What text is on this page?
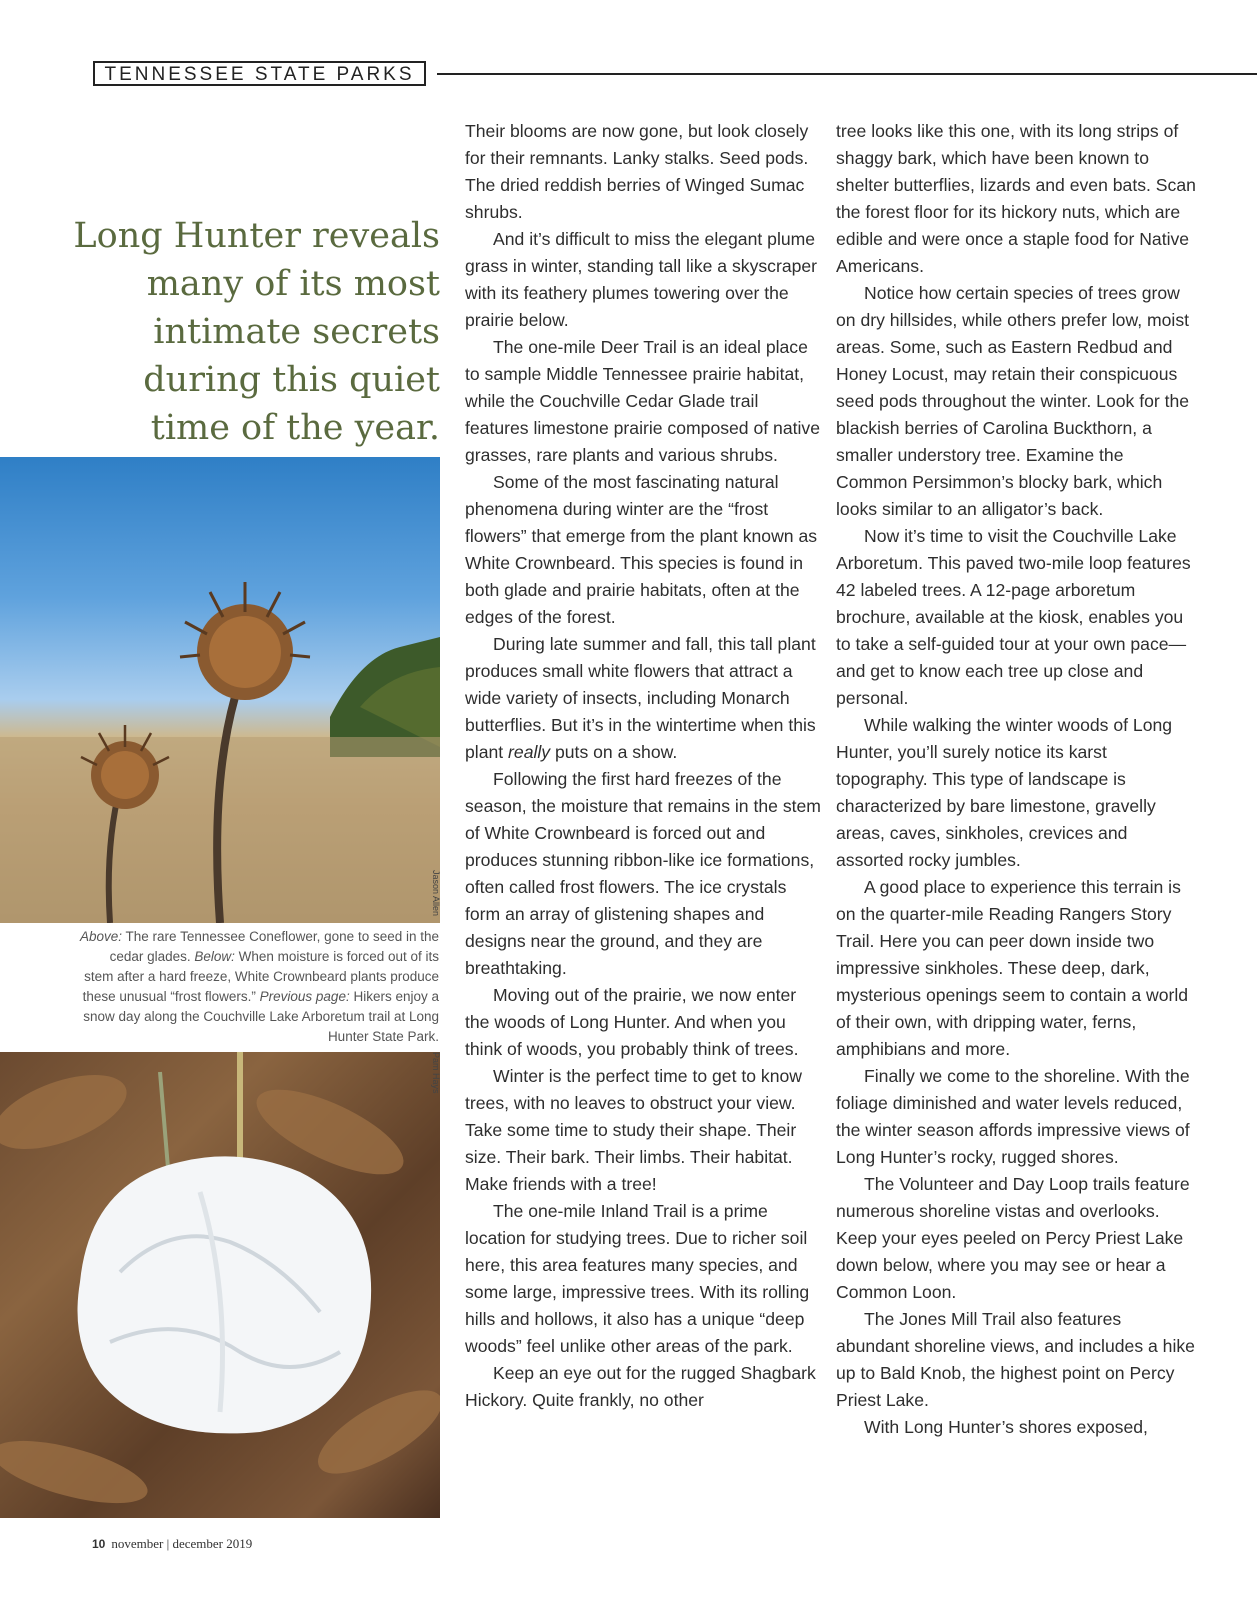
TENNESSEE STATE PARKS
Long Hunter reveals
many of its most
intimate secrets
during this quiet
time of the year.
Jason Allen

Above: The rare Tennessee Coneflower, gone to seed in the cedar glades. Below: When moisture is forced out of its stem after a hard freeze, White Crownbeard plants produce these unusual “frost flowers.” Previous page: Hikers enjoy a snow day along the Couchville Lake Arboretum trail at Long Hunter State Park.

Pam Hays

Their blooms are now gone, but look closely for their remnants. Lanky stalks. Seed pods. The dried reddish berries of Winged Sumac shrubs.

And it’s difficult to miss the elegant plume grass in winter, standing tall like a skyscraper with its feathery plumes towering over the prairie below.

The one-mile Deer Trail is an ideal place to sample Middle Tennessee prairie habitat, while the Couchville Cedar Glade trail features limestone prairie composed of native grasses, rare plants and various shrubs.

Some of the most fascinating natural phenomena during winter are the “frost flowers” that emerge from the plant known as White Crownbeard. This species is found in both glade and prairie habitats, often at the edges of the forest.

During late summer and fall, this tall plant produces small white flowers that attract a wide variety of insects, including Monarch butterflies. But it’s in the wintertime when this plant really puts on a show.

Following the first hard freezes of the season, the moisture that remains in the stem of White Crownbeard is forced out and produces stunning ribbon-like ice formations, often called frost flowers. The ice crystals form an array of glistening shapes and designs near the ground, and they are breathtaking.

Moving out of the prairie, we now enter the woods of Long Hunter. And when you think of woods, you probably think of trees.

Winter is the perfect time to get to know trees, with no leaves to obstruct your view. Take some time to study their shape. Their size. Their bark. Their limbs. Their habitat. Make friends with a tree!

The one-mile Inland Trail is a prime location for studying trees. Due to richer soil here, this area features many species, and some large, impressive trees. With its rolling hills and hollows, it also has a unique “deep woods” feel unlike other areas of the park.

Keep an eye out for the rugged Shagbark Hickory. Quite frankly, no other

tree looks like this one, with its long strips of shaggy bark, which have been known to shelter butterflies, lizards and even bats. Scan the forest floor for its hickory nuts, which are edible and were once a staple food for Native Americans.

Notice how certain species of trees grow on dry hillsides, while others prefer low, moist areas. Some, such as Eastern Redbud and Honey Locust, may retain their conspicuous seed pods throughout the winter. Look for the blackish berries of Carolina Buckthorn, a smaller understory tree. Examine the Common Persimmon’s blocky bark, which looks similar to an alligator’s back.

Now it’s time to visit the Couchville Lake Arboretum. This paved two-mile loop features 42 labeled trees. A 12-page arboretum brochure, available at the kiosk, enables you to take a self-guided tour at your own pace—and get to know each tree up close and personal.

While walking the winter woods of Long Hunter, you’ll surely notice its karst topography. This type of landscape is characterized by bare limestone, gravelly areas, caves, sinkholes, crevices and assorted rocky jumbles.

A good place to experience this terrain is on the quarter-mile Reading Rangers Story Trail. Here you can peer down inside two impressive sinkholes. These deep, dark, mysterious openings seem to contain a world of their own, with dripping water, ferns, amphibians and more.

Finally we come to the shoreline. With the foliage diminished and water levels reduced, the winter season affords impressive views of Long Hunter’s rocky, rugged shores.

The Volunteer and Day Loop trails feature numerous shoreline vistas and overlooks. Keep your eyes peeled on Percy Priest Lake down below, where you may see or hear a Common Loon.

The Jones Mill Trail also features abundant shoreline views, and includes a hike up to Bald Knob, the highest point on Percy Priest Lake.

With Long Hunter’s shores exposed,

10 november | december 2019
